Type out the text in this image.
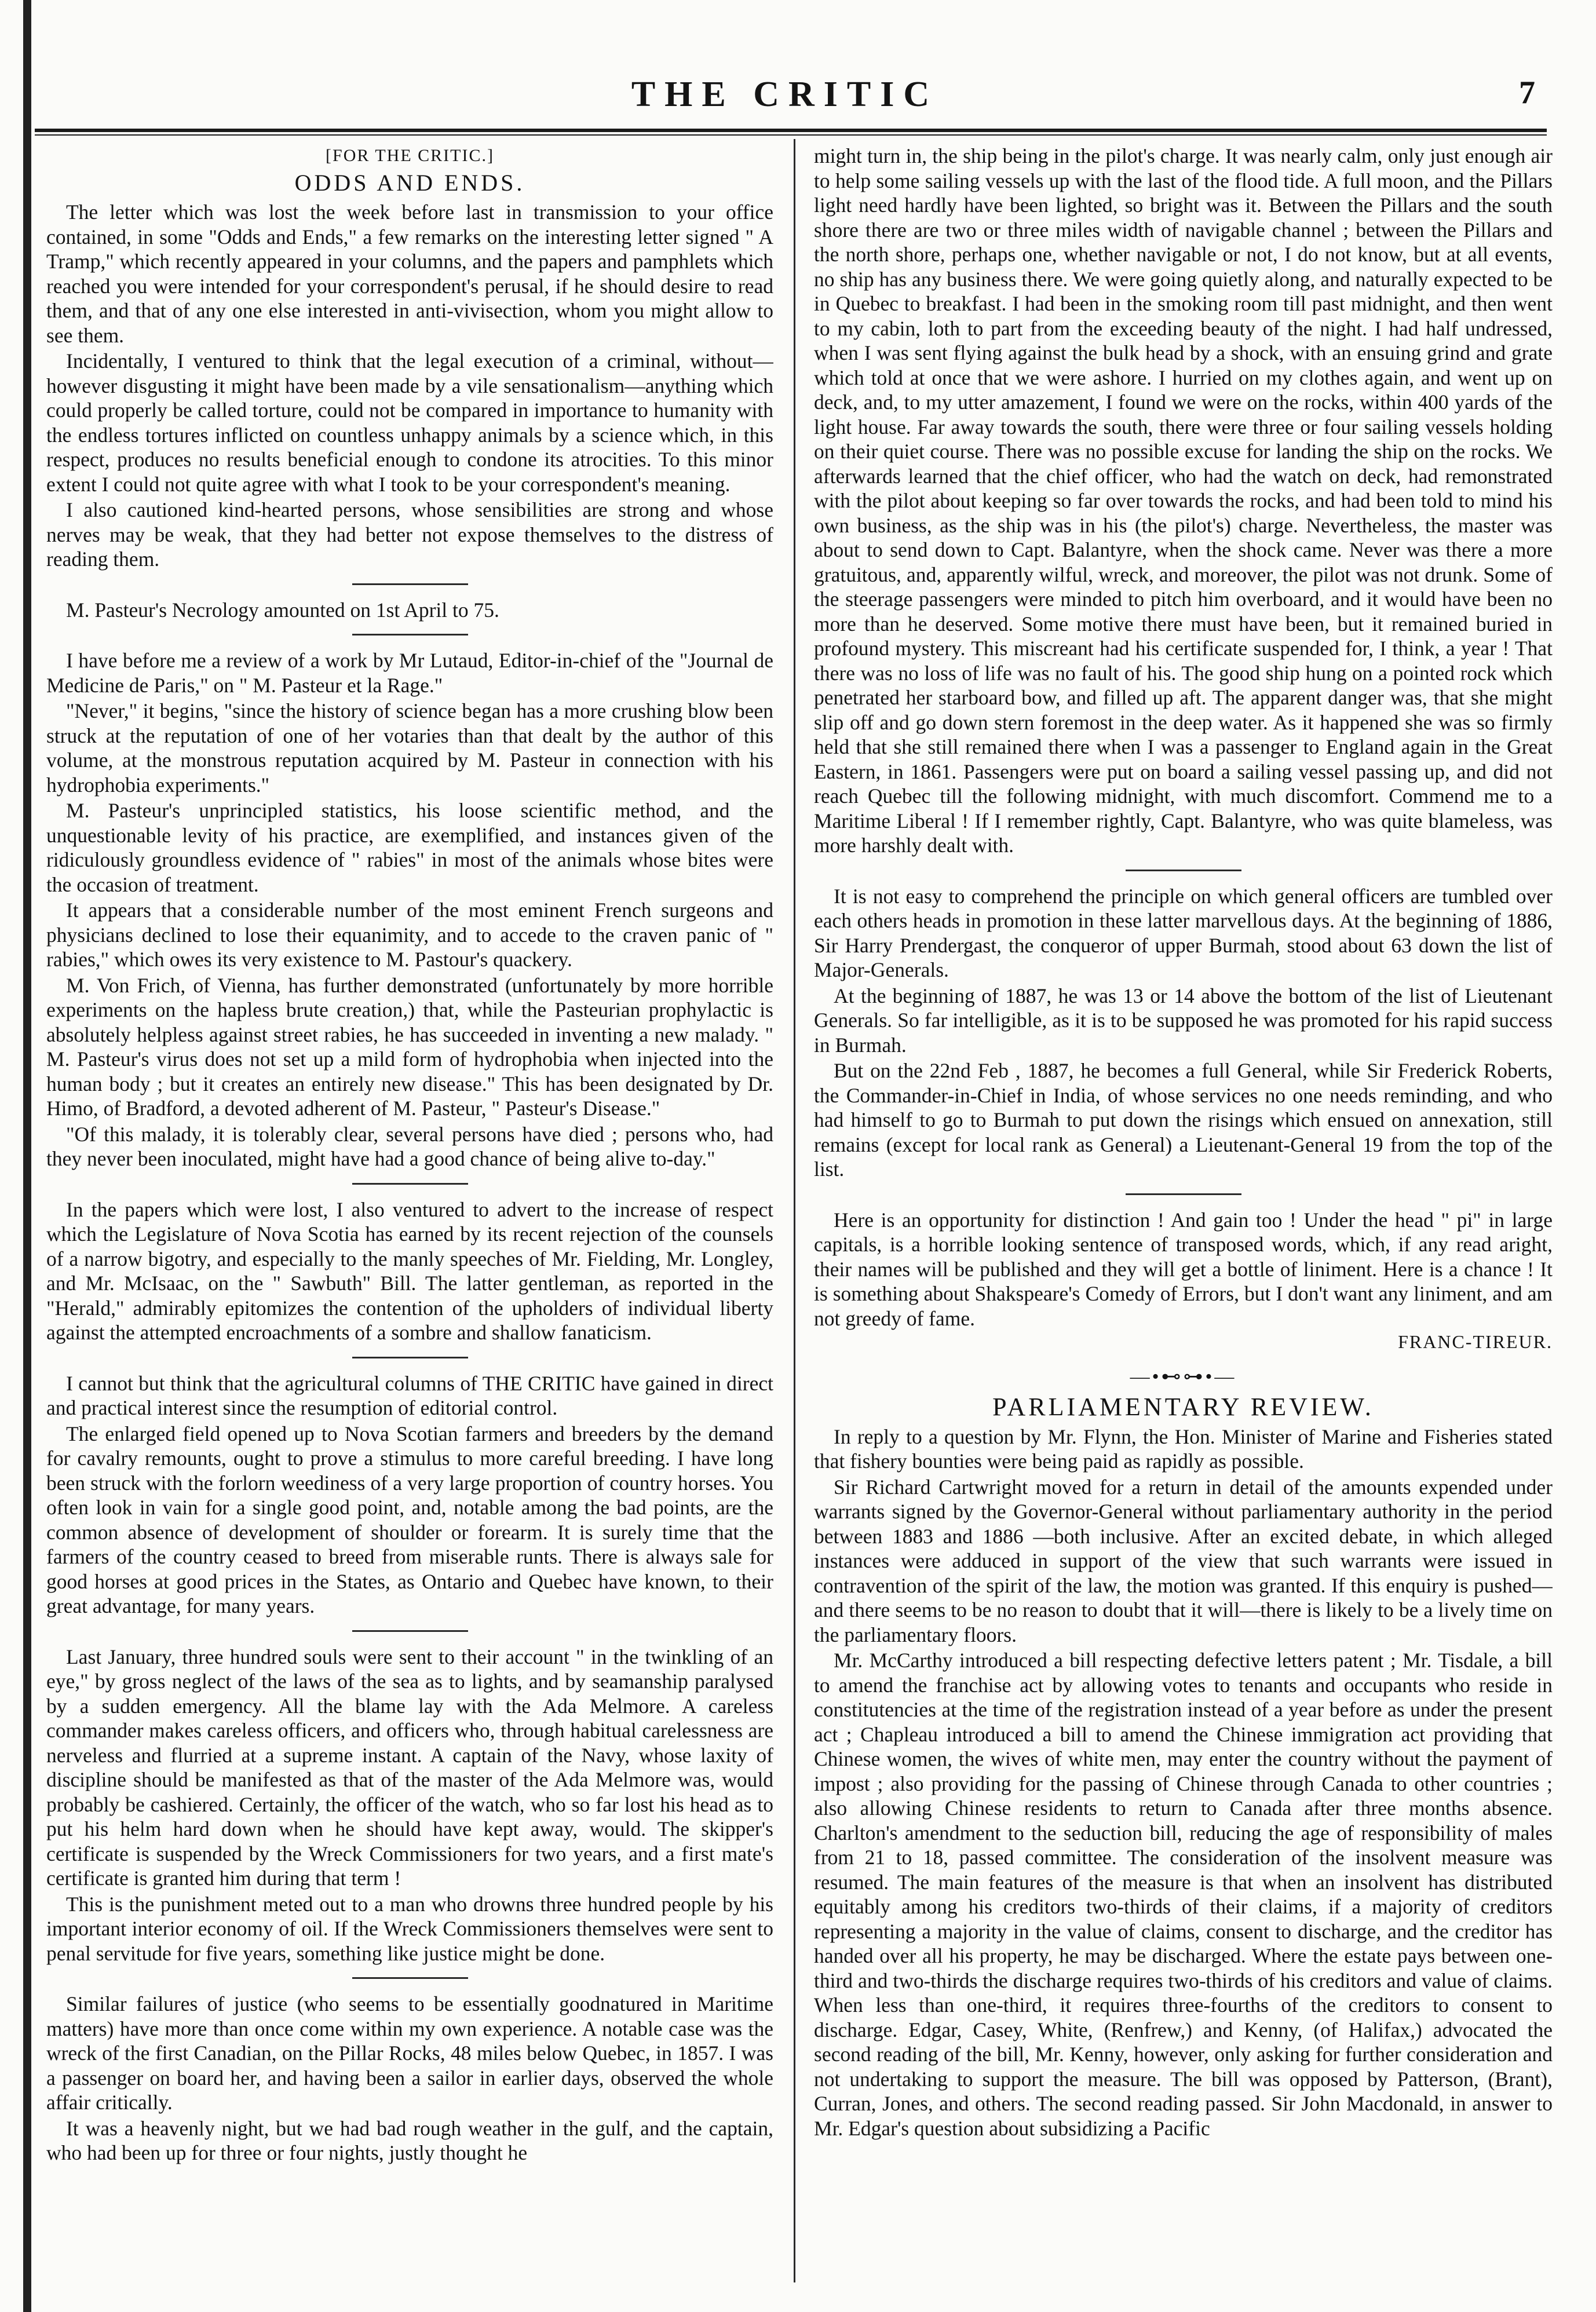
THE CRITIC	7
[FOR THE CRITIC.]
ODDS AND ENDS.

The letter which was lost the week before last in transmission to your office contained, in some "Odds and Ends," a few remarks on the interesting letter signed " A Tramp," which recently appeared in your columns, and the papers and pamphlets which reached you were intended for your correspondent's perusal, if he should desire to read them, and that of any one else interested in anti-vivisection, whom you might allow to see them.

Incidentally, I ventured to think that the legal execution of a criminal, without—however disgusting it might have been made by a vile sensationalism—anything which could properly be called torture, could not be compared in importance to humanity with the endless tortures inflicted on countless unhappy animals by a science which, in this respect, produces no results beneficial enough to condone its atrocities. To this minor extent I could not quite agree with what I took to be your correspondent's meaning.

I also cautioned kind-hearted persons, whose sensibilities are strong and whose nerves may be weak, that they had better not expose themselves to the distress of reading them.

M. Pasteur's Necrology amounted on 1st April to 75.

I have before me a review of a work by Mr Lutaud, Editor-in-chief of the "Journal de Medicine de Paris," on " M. Pasteur et la Rage."

"Never," it begins, "since the history of science began has a more crushing blow been struck at the reputation of one of her votaries than that dealt by the author of this volume, at the monstrous reputation acquired by M. Pasteur in connection with his hydrophobia experiments."

M. Pasteur's unprincipled statistics, his loose scientific method, and the unquestionable levity of his practice, are exemplified, and instances given of the ridiculously groundless evidence of " rabies" in most of the animals whose bites were the occasion of treatment.

It appears that a considerable number of the most eminent French surgeons and physicians declined to lose their equanimity, and to accede to the craven panic of " rabies," which owes its very existence to M. Pastour's quackery.

M. Von Frich, of Vienna, has further demonstrated (unfortunately by more horrible experiments on the hapless brute creation,) that, while the Pasteurian prophylactic is absolutely helpless against street rabies, he has succeeded in inventing a new malady. " M. Pasteur's virus does not set up a mild form of hydrophobia when injected into the human body ; but it creates an entirely new disease." This has been designated by Dr. Himo, of Bradford, a devoted adherent of M. Pasteur, " Pasteur's Disease."

"Of this malady, it is tolerably clear, several persons have died ; persons who, had they never been inoculated, might have had a good chance of being alive to-day."

In the papers which were lost, I also ventured to advert to the increase of respect which the Legislature of Nova Scotia has earned by its recent rejection of the counsels of a narrow bigotry, and especially to the manly speeches of Mr. Fielding, Mr. Longley, and Mr. McIsaac, on the " Sawbuth" Bill. The latter gentleman, as reported in the "Herald," admirably epitomizes the contention of the upholders of individual liberty against the attempted encroachments of a sombre and shallow fanaticism.

I cannot but think that the agricultural columns of THE CRITIC have gained in direct and practical interest since the resumption of editorial control.

The enlarged field opened up to Nova Scotian farmers and breeders by the demand for cavalry remounts, ought to prove a stimulus to more careful breeding. I have long been struck with the forlorn weediness of a very large proportion of country horses. You often look in vain for a single good point, and, notable among the bad points, are the common absence of development of shoulder or forearm. It is surely time that the farmers of the country ceased to breed from miserable runts. There is always sale for good horses at good prices in the States, as Ontario and Quebec have known, to their great advantage, for many years.

Last January, three hundred souls were sent to their account " in the twinkling of an eye," by gross neglect of the laws of the sea as to lights, and by seamanship paralysed by a sudden emergency. All the blame lay with the Ada Melmore. A careless commander makes careless officers, and officers who, through habitual carelessness are nerveless and flurried at a supreme instant. A captain of the Navy, whose laxity of discipline should be manifested as that of the master of the Ada Melmore was, would probably be cashiered. Certainly, the officer of the watch, who so far lost his head as to put his helm hard down when he should have kept away, would. The skipper's certificate is suspended by the Wreck Commissioners for two years, and a first mate's certificate is granted him during that term !

This is the punishment meted out to a man who drowns three hundred people by his important interior economy of oil. If the Wreck Commissioners themselves were sent to penal servitude for five years, something like justice might be done.

Similar failures of justice (who seems to be essentially goodnatured in Maritime matters) have more than once come within my own experience. A notable case was the wreck of the first Canadian, on the Pillar Rocks, 48 miles below Quebec, in 1857. I was a passenger on board her, and having been a sailor in earlier days, observed the whole affair critically.

It was a heavenly night, but we had bad rough weather in the gulf, and the captain, who had been up for three or four nights, justly thought he

might turn in, the ship being in the pilot's charge. It was nearly calm, only just enough air to help some sailing vessels up with the last of the flood tide. A full moon, and the Pillars light need hardly have been lighted, so bright was it. Between the Pillars and the south shore there are two or three miles width of navigable channel ; between the Pillars and the north shore, perhaps one, whether navigable or not, I do not know, but at all events, no ship has any business there. We were going quietly along, and naturally expected to be in Quebec to breakfast. I had been in the smoking room till past midnight, and then went to my cabin, loth to part from the exceeding beauty of the night. I had half undressed, when I was sent flying against the bulk head by a shock, with an ensuing grind and grate which told at once that we were ashore. I hurried on my clothes again, and went up on deck, and, to my utter amazement, I found we were on the rocks, within 400 yards of the light house. Far away towards the south, there were three or four sailing vessels holding on their quiet course. There was no possible excuse for landing the ship on the rocks. We afterwards learned that the chief officer, who had the watch on deck, had remonstrated with the pilot about keeping so far over towards the rocks, and had been told to mind his own business, as the ship was in his (the pilot's) charge. Nevertheless, the master was about to send down to Capt. Balantyre, when the shock came. Never was there a more gratuitous, and, apparently wilful, wreck, and moreover, the pilot was not drunk. Some of the steerage passengers were minded to pitch him overboard, and it would have been no more than he deserved. Some motive there must have been, but it remained buried in profound mystery. This miscreant had his certificate suspended for, I think, a year ! That there was no loss of life was no fault of his. The good ship hung on a pointed rock which penetrated her starboard bow, and filled up aft. The apparent danger was, that she might slip off and go down stern foremost in the deep water. As it happened she was so firmly held that she still remained there when I was a passenger to England again in the Great Eastern, in 1861. Passengers were put on board a sailing vessel passing up, and did not reach Quebec till the following midnight, with much discomfort. Commend me to a Maritime Liberal ! If I remember rightly, Capt. Balantyre, who was quite blameless, was more harshly dealt with.

It is not easy to comprehend the principle on which general officers are tumbled over each others heads in promotion in these latter marvellous days. At the beginning of 1886, Sir Harry Prendergast, the conqueror of upper Burmah, stood about 63 down the list of Major-Generals.

At the beginning of 1887, he was 13 or 14 above the bottom of the list of Lieutenant Generals. So far intelligible, as it is to be supposed he was promoted for his rapid success in Burmah.

But on the 22nd Feb , 1887, he becomes a full General, while Sir Frederick Roberts, the Commander-in-Chief in India, of whose services no one needs reminding, and who had himself to go to Burmah to put down the risings which ensued on annexation, still remains (except for local rank as General) a Lieutenant-General 19 from the top of the list.

Here is an opportunity for distinction ! And gain too ! Under the head " pi" in large capitals, is a horrible looking sentence of transposed words, which, if any read aright, their names will be published and they will get a bottle of liniment. Here is a chance ! It is something about Shakspeare's Comedy of Errors, but I don't want any liniment, and am not greedy of fame.

FRANC-TIREUR.
—•⊷⊶•—
PARLIAMENTARY REVIEW.

In reply to a question by Mr. Flynn, the Hon. Minister of Marine and Fisheries stated that fishery bounties were being paid as rapidly as possible.

Sir Richard Cartwright moved for a return in detail of the amounts expended under warrants signed by the Governor-General without parliamentary authority in the period between 1883 and 1886 —both inclusive. After an excited debate, in which alleged instances were adduced in support of the view that such warrants were issued in contravention of the spirit of the law, the motion was granted. If this enquiry is pushed—and there seems to be no reason to doubt that it will—there is likely to be a lively time on the parliamentary floors.

Mr. McCarthy introduced a bill respecting defective letters patent ; Mr. Tisdale, a bill to amend the franchise act by allowing votes to tenants and occupants who reside in constitutencies at the time of the registration instead of a year before as under the present act ; Chapleau introduced a bill to amend the Chinese immigration act providing that Chinese women, the wives of white men, may enter the country without the payment of impost ; also providing for the passing of Chinese through Canada to other countries ; also allowing Chinese residents to return to Canada after three months absence. Charlton's amendment to the seduction bill, reducing the age of responsibility of males from 21 to 18, passed committee. The consideration of the insolvent measure was resumed. The main features of the measure is that when an insolvent has distributed equitably among his creditors two-thirds of their claims, if a majority of creditors representing a majority in the value of claims, consent to discharge, and the creditor has handed over all his property, he may be discharged. Where the estate pays between one-third and two-thirds the discharge requires two-thirds of his creditors and value of claims. When less than one-third, it requires three-fourths of the creditors to consent to discharge. Edgar, Casey, White, (Renfrew,) and Kenny, (of Halifax,) advocated the second reading of the bill, Mr. Kenny, however, only asking for further consideration and not undertaking to support the measure. The bill was opposed by Patterson, (Brant), Curran, Jones, and others. The second reading passed. Sir John Macdonald, in answer to Mr. Edgar's question about subsidizing a Pacific
